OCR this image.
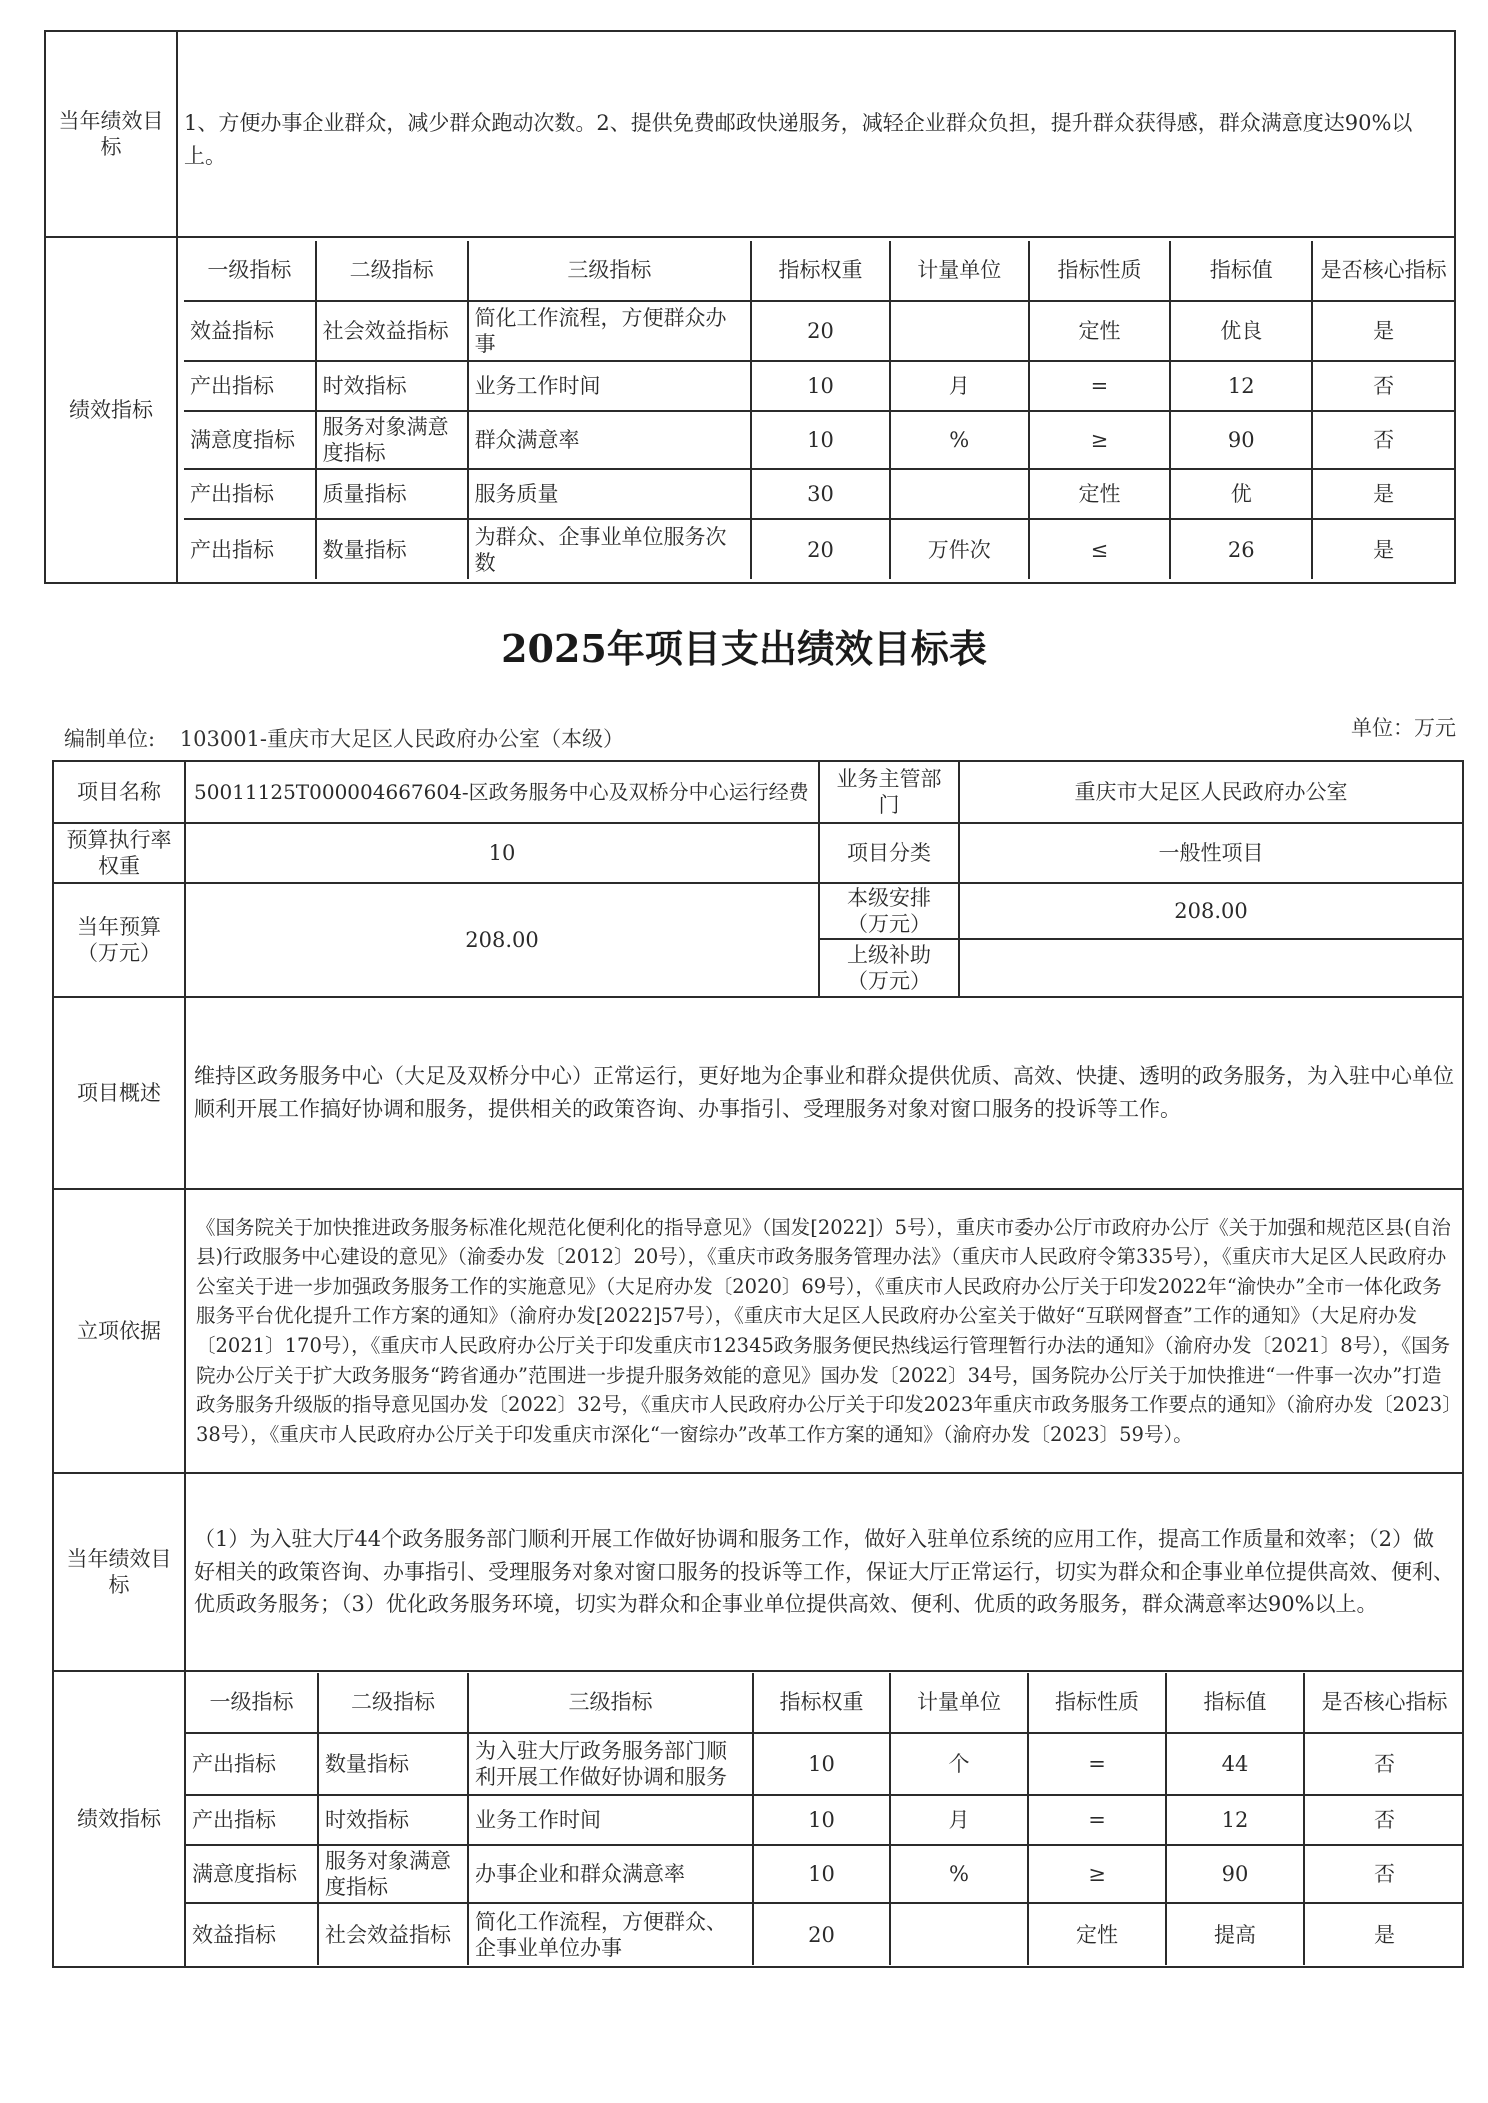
当年绩效目标	1、方便办事企业群众，减少群众跑动次数。2、提供免费邮政快递服务，减轻企业群众负担，提升群众获得感，群众满意度达90%以上。
绩效指标	
一级指标	二级指标	三级指标	指标权重	计量单位	指标性质	指标值	是否核心指标
效益指标	社会效益指标	简化工作流程，方便群众办事	20		定性	优良	是
产出指标	时效指标	业务工作时间	10	月	=	12	否
满意度指标	服务对象满意度指标	群众满意率	10	%	≥	90	否
产出指标	质量指标	服务质量	30		定性	优	是
产出指标	数量指标	为群众、企事业单位服务次数	20	万件次	≤	26	是
2025年项目支出绩效目标表
编制单位: 103001-重庆市大足区人民政府办公室（本级）	单位：万元
项目名称	50011125T000004667604-区政务服务中心及双桥分中心运行经费	业务主管部门	重庆市大足区人民政府办公室
预算执行率权重	10	项目分类	一般性项目
当年预算（万元）	208.00	本级安排（万元）	208.00
上级补助（万元）	
项目概述	维持区政务服务中心（大足及双桥分中心）正常运行，更好地为企事业和群众提供优质、高效、快捷、透明的政务服务，为入驻中心单位顺利开展工作搞好协调和服务，提供相关的政策咨询、办事指引、受理服务对象对窗口服务的投诉等工作。
立项依据	《国务院关于加快推进政务服务标准化规范化便利化的指导意见》（国发[2022]）5号），重庆市委办公厅市政府办公厅《关于加强和规范区县(自治县)行政服务中心建设的意见》（渝委办发〔2012〕20号），《重庆市政务服务管理办法》（重庆市人民政府令第335号），《重庆市大足区人民政府办公室关于进一步加强政务服务工作的实施意见》（大足府办发〔2020〕69号），《重庆市人民政府办公厅关于印发2022年“渝快办”全市一体化政务服务平台优化提升工作方案的通知》（渝府办发[2022]57号），《重庆市大足区人民政府办公室关于做好“互联网督查”工作的通知》（大足府办发〔2021〕170号），《重庆市人民政府办公厅关于印发重庆市12345政务服务便民热线运行管理暂行办法的通知》（渝府办发〔2021〕8号），《国务院办公厅关于扩大政务服务“跨省通办”范围进一步提升服务效能的意见》国办发〔2022〕34号，国务院办公厅关于加快推进“一件事一次办”打造政务服务升级版的指导意见国办发〔2022〕32号，《重庆市人民政府办公厅关于印发2023年重庆市政务服务工作要点的通知》（渝府办发〔2023〕38号），《重庆市人民政府办公厅关于印发重庆市深化“一窗综办”改革工作方案的通知》（渝府办发〔2023〕59号）。
当年绩效目标	（1）为入驻大厅44个政务服务部门顺利开展工作做好协调和服务工作，做好入驻单位系统的应用工作，提高工作质量和效率；（2）做好相关的政策咨询、办事指引、受理服务对象对窗口服务的投诉等工作，保证大厅正常运行，切实为群众和企事业单位提供高效、便利、优质政务服务；（3）优化政务服务环境，切实为群众和企事业单位提供高效、便利、优质的政务服务，群众满意率达90%以上。
绩效指标	
一级指标	二级指标	三级指标	指标权重	计量单位	指标性质	指标值	是否核心指标
产出指标	数量指标	为入驻大厅政务服务部门顺利开展工作做好协调和服务	10	个	=	44	否
产出指标	时效指标	业务工作时间	10	月	=	12	否
满意度指标	服务对象满意度指标	办事企业和群众满意率	10	%	≥	90	否
效益指标	社会效益指标	简化工作流程，方便群众、企事业单位办事	20		定性	提高	是
